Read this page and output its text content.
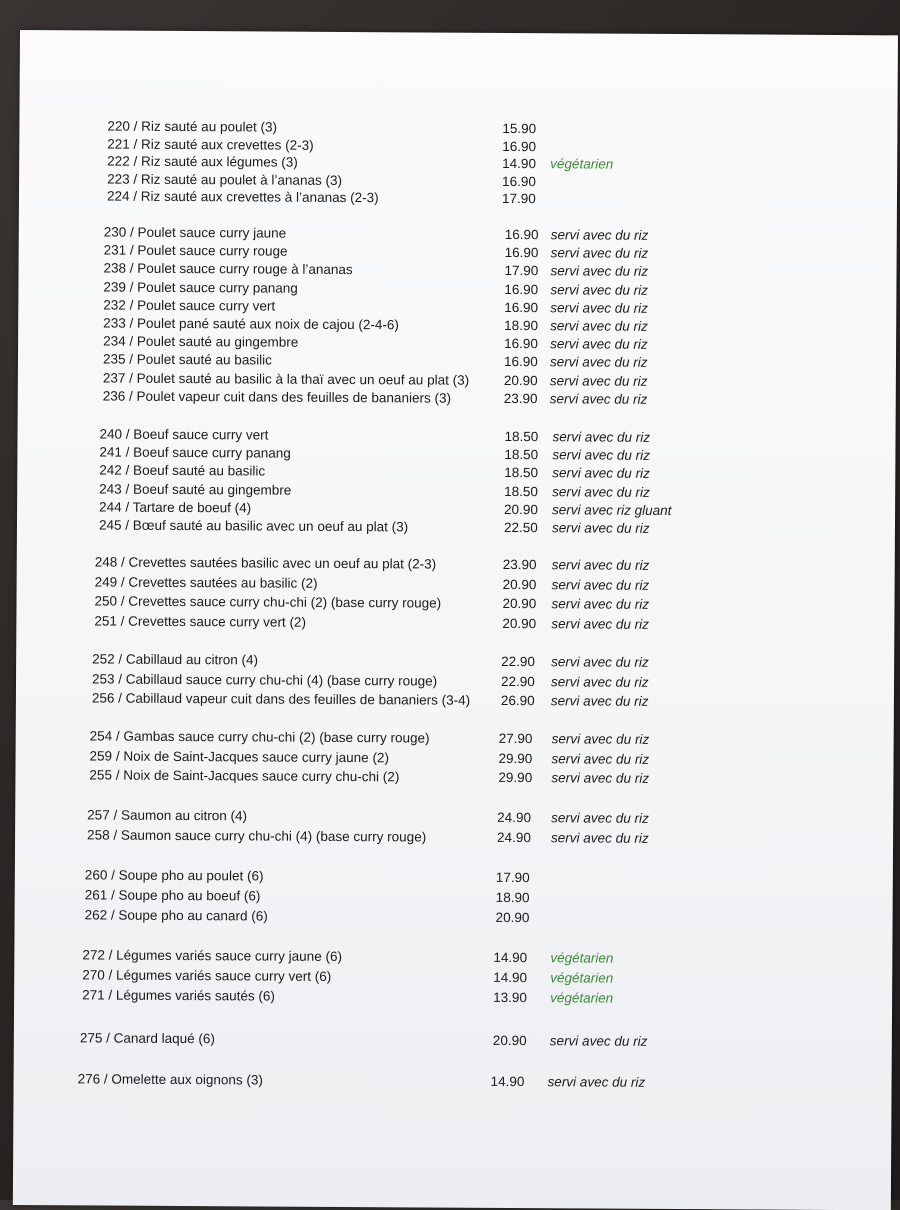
220 / Riz sauté au poulet (3)	15.90
221 / Riz sauté aux crevettes (2-3)	16.90
222 / Riz sauté aux légumes (3)	14.90 végétarien
223 / Riz sauté au poulet à l’ananas (3)	16.90
224 / Riz sauté aux crevettes à l’ananas (2-3)	17.90
230 / Poulet sauce curry jaune	16.90 servi avec du riz
231 / Poulet sauce curry rouge	16.90 servi avec du riz
238 / Poulet sauce curry rouge à l’ananas	17.90 servi avec du riz
239 / Poulet sauce curry panang	16.90 servi avec du riz
232 / Poulet sauce curry vert	16.90 servi avec du riz
233 / Poulet pané sauté aux noix de cajou (2-4-6)	18.90 servi avec du riz
234 / Poulet sauté au gingembre	16.90 servi avec du riz
235 / Poulet sauté au basilic	16.90 servi avec du riz
237 / Poulet sauté au basilic à la thaï avec un oeuf au plat (3)	20.90 servi avec du riz
236 / Poulet vapeur cuit dans des feuilles de bananiers (3)	23.90 servi avec du riz
240 / Boeuf sauce curry vert	18.50 servi avec du riz
241 / Boeuf sauce curry panang	18.50 servi avec du riz
242 / Boeuf sauté au basilic	18.50 servi avec du riz
243 / Boeuf sauté au gingembre	18.50 servi avec du riz
244 / Tartare de boeuf (4)	20.90 servi avec riz gluant
245 / Bœuf sauté au basilic avec un oeuf au plat (3)	22.50 servi avec du riz
248 / Crevettes sautées basilic avec un oeuf au plat (2-3)	23.90 servi avec du riz
249 / Crevettes sautées au basilic (2)	20.90 servi avec du riz
250 / Crevettes sauce curry chu-chi (2) (base curry rouge)	20.90 servi avec du riz
251 / Crevettes sauce curry vert (2)	20.90 servi avec du riz
252 / Cabillaud au citron (4)	22.90 servi avec du riz
253 / Cabillaud sauce curry chu-chi (4) (base curry rouge)	22.90 servi avec du riz
256 / Cabillaud vapeur cuit dans des feuilles de bananiers (3-4) 26.90 servi avec du riz
254 / Gambas sauce curry chu-chi (2) (base curry rouge)	27.90 servi avec du riz
259 / Noix de Saint-Jacques sauce curry jaune (2)	29.90 servi avec du riz
255 / Noix de Saint-Jacques sauce curry chu-chi (2)	29.90 servi avec du riz
257 / Saumon au citron (4)	24.90 servi avec du riz
258 / Saumon sauce curry chu-chi (4) (base curry rouge)	24.90 servi avec du riz
260 / Soupe pho au poulet (6)	17.90
261 / Soupe pho au boeuf (6)	18.90
262 / Soupe pho au canard (6)	20.90
272 / Légumes variés sauce curry jaune (6)	14.90 végétarien
270 / Légumes variés sauce curry vert (6)	14.90 végétarien
271 / Légumes variés sautés (6)	13.90 végétarien
275 / Canard laqué (6)	20.90 servi avec du riz
276 / Omelette aux oignons (3)	14.90 servi avec du riz
